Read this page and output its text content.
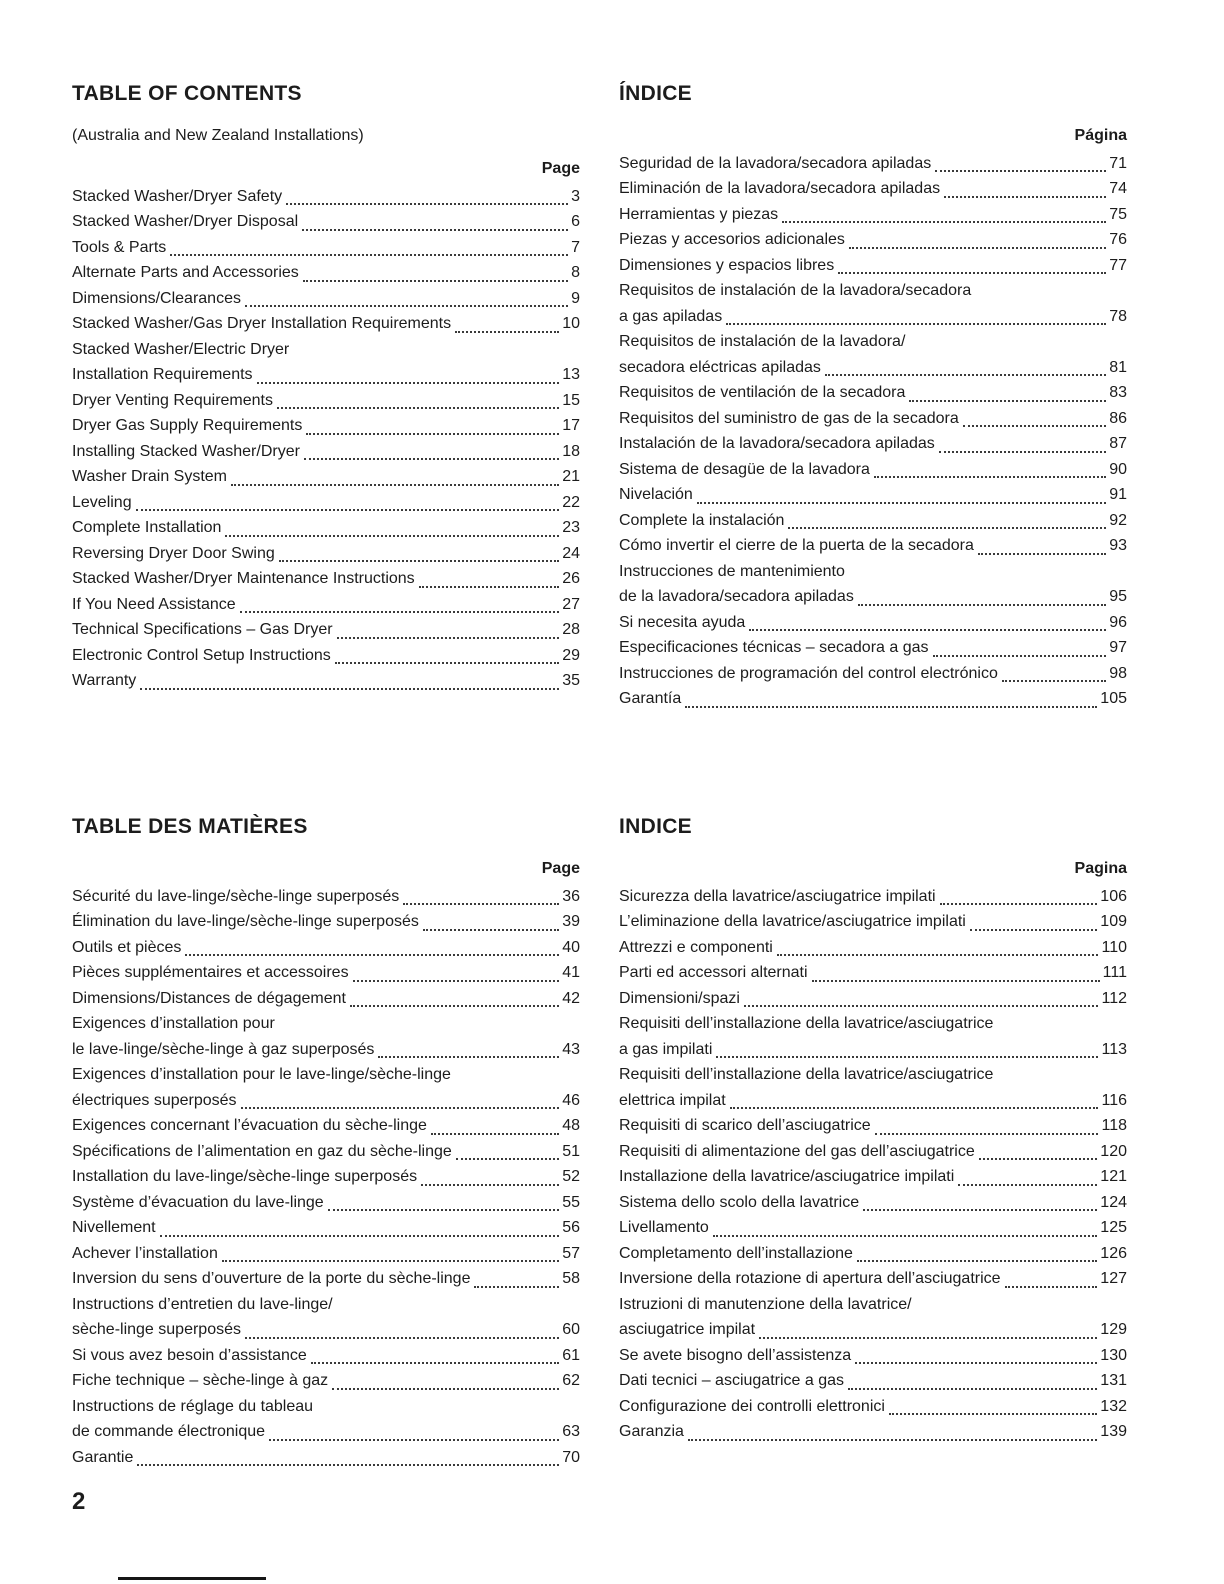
TABLE OF CONTENTS
(Australia and New Zealand Installations)
Page
Stacked Washer/Dryer Safety	3
Stacked Washer/Dryer Disposal	6
Tools & Parts	7
Alternate Parts and Accessories	8
Dimensions/Clearances	9
Stacked Washer/Gas Dryer Installation Requirements	10
Stacked Washer/Electric Dryer
Installation Requirements	13
Dryer Venting Requirements	15
Dryer Gas Supply Requirements	17
Installing Stacked Washer/Dryer	18
Washer Drain System	21
Leveling	22
Complete Installation	23
Reversing Dryer Door Swing	24
Stacked Washer/Dryer Maintenance Instructions	26
If You Need Assistance	27
Technical Specifications – Gas Dryer	28
Electronic Control Setup Instructions	29
Warranty	35
ÍNDICE
Página
Seguridad de la lavadora/secadora apiladas	71
Eliminación de la lavadora/secadora apiladas	74
Herramientas y piezas	75
Piezas y accesorios adicionales	76
Dimensiones y espacios libres	77
Requisitos de instalación de la lavadora/secadora
a gas apiladas	78
Requisitos de instalación de la lavadora/
secadora eléctricas apiladas	81
Requisitos de ventilación de la secadora	83
Requisitos del suministro de gas de la secadora	86
Instalación de la lavadora/secadora apiladas	87
Sistema de desagüe de la lavadora	90
Nivelación	91
Complete la instalación	92
Cómo invertir el cierre de la puerta de la secadora	93
Instrucciones de mantenimiento
de la lavadora/secadora apiladas	95
Si necesita ayuda	96
Especificaciones técnicas – secadora a gas	97
Instrucciones de programación del control electrónico	98
Garantía	105
TABLE DES MATIÈRES
Page
Sécurité du lave-linge/sèche-linge superposés	36
Élimination du lave-linge/sèche-linge superposés	39
Outils et pièces	40
Pièces supplémentaires et accessoires	41
Dimensions/Distances de dégagement	42
Exigences d’installation pour
le lave-linge/sèche-linge à gaz superposés	43
Exigences d’installation pour le lave-linge/sèche-linge
électriques superposés	46
Exigences concernant l’évacuation du sèche-linge	48
Spécifications de l’alimentation en gaz du sèche-linge	51
Installation du lave-linge/sèche-linge superposés	52
Système d’évacuation du lave-linge	55
Nivellement	56
Achever l’installation	57
Inversion du sens d’ouverture de la porte du sèche-linge	58
Instructions d’entretien du lave-linge/
sèche-linge superposés	60
Si vous avez besoin d’assistance	61
Fiche technique – sèche-linge à gaz	62
Instructions de réglage du tableau
de commande électronique	63
Garantie	70
INDICE
Pagina
Sicurezza della lavatrice/asciugatrice impilati	106
L’eliminazione della lavatrice/asciugatrice impilati	109
Attrezzi e componenti	110
Parti ed accessori alternati	111
Dimensioni/spazi	112
Requisiti dell’installazione della lavatrice/asciugatrice
a gas impilati	113
Requisiti dell’installazione della lavatrice/asciugatrice
elettrica impilat	116
Requisiti di scarico dell’asciugatrice	118
Requisiti di alimentazione del gas dell’asciugatrice	120
Installazione della lavatrice/asciugatrice impilati	121
Sistema dello scolo della lavatrice	124
Livellamento	125
Completamento dell’installazione	126
Inversione della rotazione di apertura dell’asciugatrice	127
Istruzioni di manutenzione della lavatrice/
asciugatrice impilat	129
Se avete bisogno dell’assistenza	130
Dati tecnici – asciugatrice a gas	131
Configurazione dei controlli elettronici	132
Garanzia	139
2
